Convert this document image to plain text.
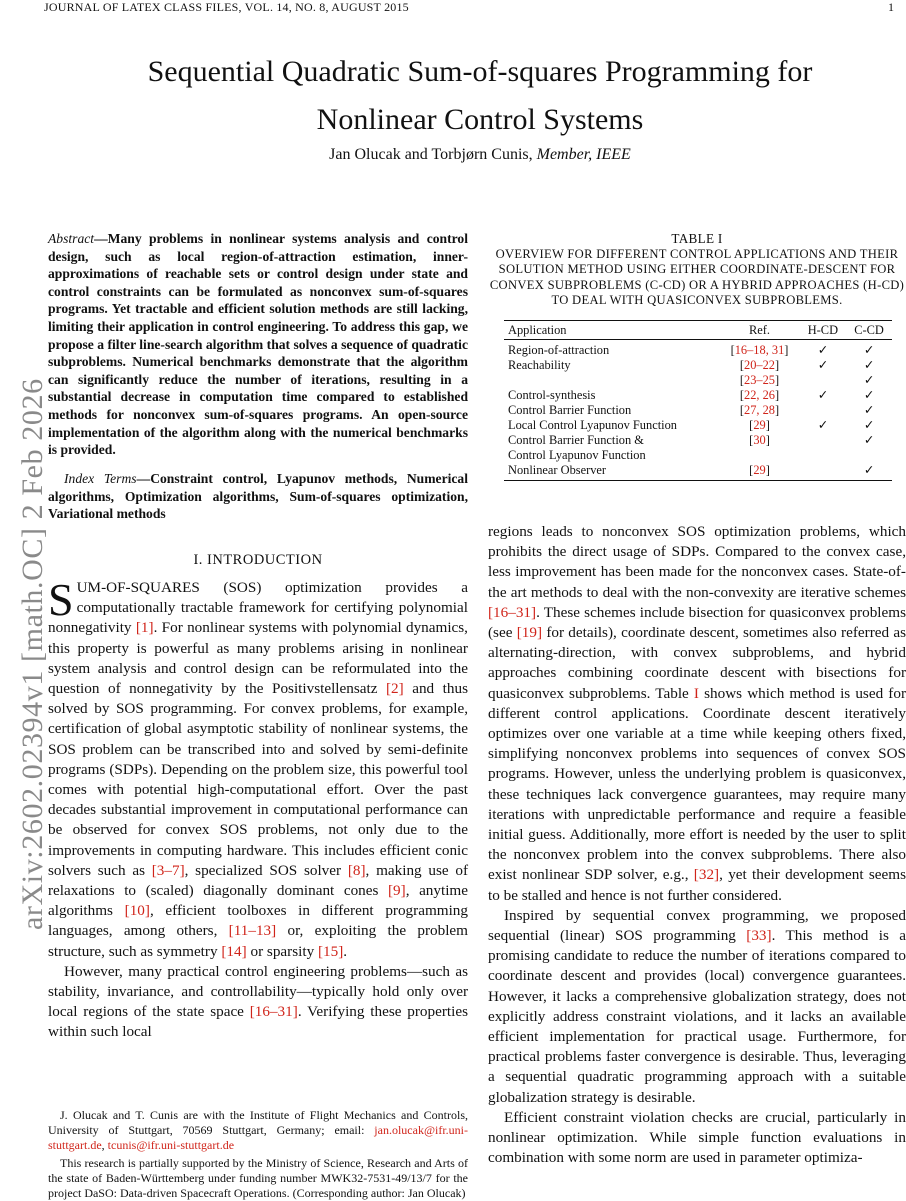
JOURNAL OF LATEX CLASS FILES, VOL. 14, NO. 8, AUGUST 2015	1
arXiv:2602.02394v1 [math.OC] 2 Feb 2026
Sequential Quadratic Sum-of-squares Programming for
Nonlinear Control Systems
Jan Olucak and Torbjørn Cunis, Member, IEEE
Abstract—Many problems in nonlinear systems analysis and control design, such as local region-of-attraction estimation, inner-approximations of reachable sets or control design under state and control constraints can be formulated as nonconvex sum-of-squares programs. Yet tractable and efficient solution methods are still lacking, limiting their application in control engineering. To address this gap, we propose a filter line-search algorithm that solves a sequence of quadratic subproblems. Numerical benchmarks demonstrate that the algorithm can significantly reduce the number of iterations, resulting in a substantial decrease in computation time compared to established methods for nonconvex sum-of-squares programs. An open-source implementation of the algorithm along with the numerical benchmarks is provided.
Index Terms—Constraint control, Lyapunov methods, Numerical algorithms, Optimization algorithms, Sum-of-squares optimization, Variational methods
I. INTRODUCTION

SUM-OF-SQUARES (SOS) optimization provides a computationally tractable framework for certifying polynomial nonnegativity [1]. For nonlinear systems with polynomial dynamics, this property is powerful as many problems arising in nonlinear system analysis and control design can be reformulated into the question of nonnegativity by the Positivstellensatz [2] and thus solved by SOS programming. For convex problems, for example, certification of global asymptotic stability of nonlinear systems, the SOS problem can be transcribed into and solved by semi-definite programs (SDPs). Depending on the problem size, this powerful tool comes with potential high-computational effort. Over the past decades substantial improvement in computational performance can be observed for convex SOS problems, not only due to the improvements in computing hardware. This includes efficient conic solvers such as [3–7], specialized SOS solver [8], making use of relaxations to (scaled) diagonally dominant cones [9], anytime algorithms [10], efficient toolboxes in different programming languages, among others, [11–13] or, exploiting the problem structure, such as symmetry [14] or sparsity [15].

However, many practical control engineering problems—such as stability, invariance, and controllability—typically hold only over local regions of the state space [16–31]. Verifying these properties within such local

TABLE I
OVERVIEW FOR DIFFERENT CONTROL APPLICATIONS AND THEIR SOLUTION METHOD USING EITHER COORDINATE-DESCENT FOR CONVEX SUBPROBLEMS (C-CD) OR A HYBRID APPROACHES (H-CD) TO DEAL WITH QUASICONVEX SUBPROBLEMS.
Application	Ref.	H-CD	C-CD
Region-of-attraction	[16–18, 31]	✓	✓
Reachability	[20–22]	✓	✓
	[23–25]		✓
Control-synthesis	[22, 26]	✓	✓
Control Barrier Function	[27, 28]		✓
Local Control Lyapunov Function	[29]	✓	✓
Control Barrier Function &	[30]		✓
Control Lyapunov Function			
Nonlinear Observer	[29]		✓

regions leads to nonconvex SOS optimization problems, which prohibits the direct usage of SDPs. Compared to the convex case, less improvement has been made for the nonconvex cases. State-of-the art methods to deal with the non-convexity are iterative schemes [16–31]. These schemes include bisection for quasiconvex problems (see [19] for details), coordinate descent, sometimes also referred as alternating-direction, with convex subproblems, and hybrid approaches combining coordinate descent with bisections for quasiconvex subproblems. Table I shows which method is used for different control applications. Coordinate descent iteratively optimizes over one variable at a time while keeping others fixed, simplifying nonconvex problems into sequences of convex SOS programs. However, unless the underlying problem is quasiconvex, these techniques lack convergence guarantees, may require many iterations with unpredictable performance and require a feasible initial guess. Additionally, more effort is needed by the user to split the nonconvex problem into the convex subproblems. There also exist nonlinear SDP solver, e.g., [32], yet their development seems to be stalled and hence is not further considered.

Inspired by sequential convex programming, we proposed sequential (linear) SOS programming [33]. This method is a promising candidate to reduce the number of iterations compared to coordinate descent and provides (local) convergence guarantees. However, it lacks a comprehensive globalization strategy, does not explicitly address constraint violations, and it lacks an available efficient implementation for practical usage. Furthermore, for practical problems faster convergence is desirable. Thus, leveraging a sequential quadratic programming approach with a suitable globalization strategy is desirable.

Efficient constraint violation checks are crucial, particularly in nonlinear optimization. While simple function evaluations in combination with some norm are used in parameter optimiza-

J. Olucak and T. Cunis are with the Institute of Flight Mechanics and Controls, University of Stuttgart, 70569 Stuttgart, Germany; email: jan.olucak@ifr.uni-stuttgart.de, tcunis@ifr.uni-stuttgart.de

This research is partially supported by the Ministry of Science, Research and Arts of the state of Baden-Württemberg under funding number MWK32-7531-49/13/7 for the project DaSO: Data-driven Spacecraft Operations. (Corresponding author: Jan Olucak)
